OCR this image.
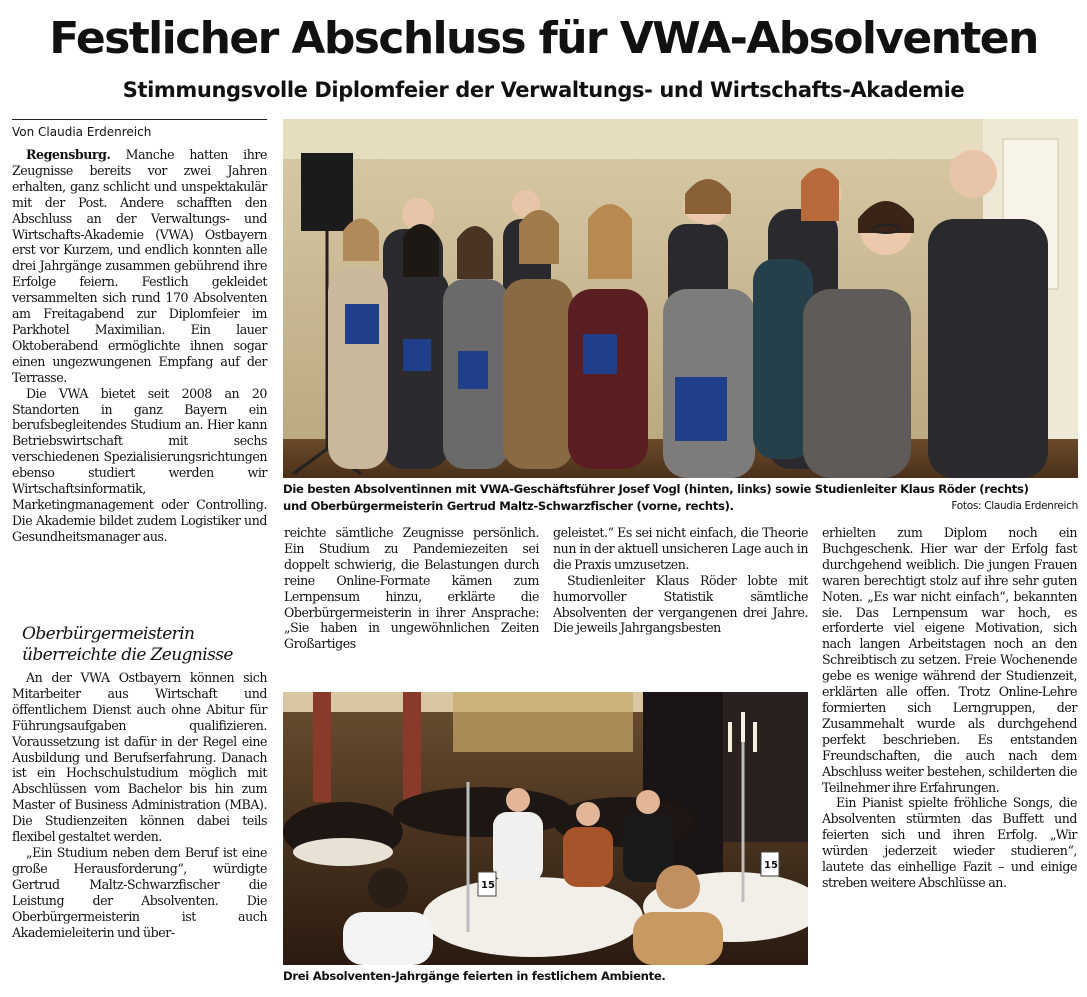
Festlicher Abschluss für VWA-Absolventen
Stimmungsvolle Diplomfeier der Verwaltungs- und Wirtschafts-Akademie
Von Claudia Erdenreich

Regensburg. Manche hatten ihre Zeugnisse bereits vor zwei Jahren erhalten, ganz schlicht und unspektakulär mit der Post. Andere schafften den Abschluss an der Verwaltungs- und Wirtschafts-Akademie (VWA) Ostbayern erst vor Kurzem, und endlich konnten alle drei Jahrgänge zusammen gebührend ihre Erfolge feiern. Festlich gekleidet versammelten sich rund 170 Absolventen am Freitagabend zur Diplomfeier im Parkhotel Maximilian. Ein lauer Oktoberabend ermöglichte ihnen sogar einen ungezwungenen Empfang auf der Terrasse.

Die VWA bietet seit 2008 an 20 Standorten in ganz Bayern ein berufsbegleitendes Studium an. Hier kann Betriebswirtschaft mit sechs verschiedenen Spezialisierungsrichtungen ebenso studiert werden wir Wirtschaftsinformatik, Marketingmanagement oder Controlling. Die Akademie bildet zudem Logistiker und Gesundheitsmanager aus.

Oberbürgermeisterin
überreichte die Zeugnisse

An der VWA Ostbayern können sich Mitarbeiter aus Wirtschaft und öffentlichem Dienst auch ohne Abitur für Führungsaufgaben qualifizieren. Voraussetzung ist dafür in der Regel eine Ausbildung und Berufserfahrung. Danach ist ein Hochschulstudium möglich mit Abschlüssen vom Bachelor bis hin zum Master of Business Administration (MBA). Die Studienzeiten können dabei teils flexibel gestaltet werden.

„Ein Studium neben dem Beruf ist eine große Herausforderung“, würdigte Gertrud Maltz-Schwarzfischer die Leistung der Absolventen. Die Oberbürgermeisterin ist auch Akademieleiterin und über-

reichte sämtliche Zeugnisse persönlich. Ein Studium zu Pandemiezeiten sei doppelt schwierig, die Belastungen durch reine Online-Formate kämen zum Lernpensum hinzu, erklärte die Oberbürgermeisterin in ihrer Ansprache: „Sie haben in ungewöhnlichen Zeiten Großartiges

geleistet.“ Es sei nicht einfach, die Theorie nun in der aktuell unsicheren Lage auch in die Praxis umzusetzen.

Studienleiter Klaus Röder lobte mit humorvoller Statistik sämtliche Absolventen der vergangenen drei Jahre. Die jeweils Jahrgangsbesten

erhielten zum Diplom noch ein Buchgeschenk. Hier war der Erfolg fast durchgehend weiblich. Die jungen Frauen waren berechtigt stolz auf ihre sehr guten Noten. „Es war nicht einfach“, bekannten sie. Das Lernpensum war hoch, es erforderte viel eigene Motivation, sich nach langen Arbeitstagen noch an den Schreibtisch zu setzen. Freie Wochenende gebe es wenige während der Studienzeit, erklärten alle offen. Trotz Online-Lehre formierten sich Lerngruppen, der Zusammehalt wurde als durchgehend perfekt beschrieben. Es entstanden Freundschaften, die auch nach dem Abschluss weiter bestehen, schilderten die Teilnehmer ihre Erfahrungen.

Ein Pianist spielte fröhliche Songs, die Absolventen stürmten das Buffett und feierten sich und ihren Erfolg. „Wir würden jederzeit wieder studieren“, lautete das einhellige Fazit – und einige streben weitere Abschlüsse an.

Die besten Absolventinnen mit VWA-Geschäftsführer Josef Vogl (hinten, links) sowie Studienleiter Klaus Röder (rechts)
und Oberbürgermeisterin Gertrud Maltz-Schwarzfischer (vorne, rechts).	Fotos: Claudia Erdenreich
15
15
Drei Absolventen-Jahrgänge feierten in festlichem Ambiente.
